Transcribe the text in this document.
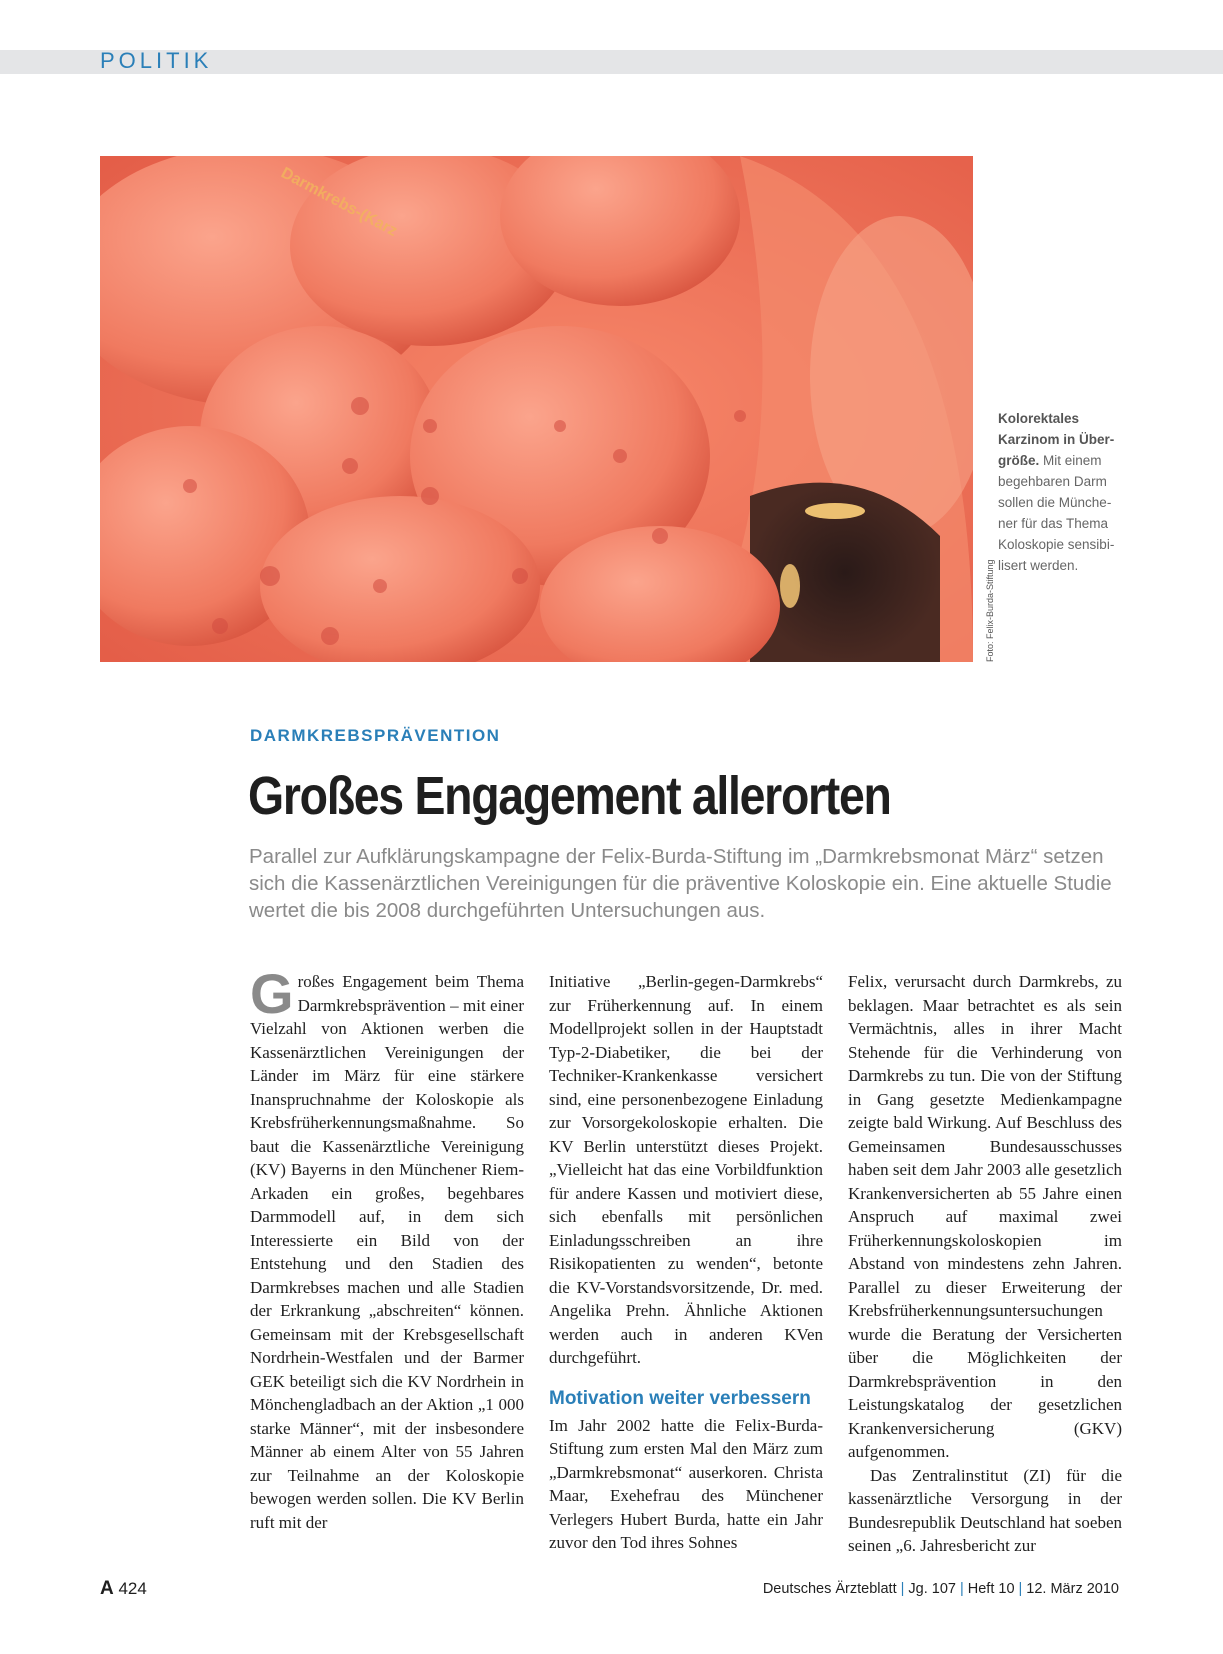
POLITIK
Darmkrebs-(Karz
Foto: Felix-Burda-Stiftung
Kolorektales Karzinom in Über-größe. Mit einem begehbaren Darm sollen die Münche-ner für das Thema Koloskopie sensibi-lisert werden.
DARMKREBSPRÄVENTION
Großes Engagement allerorten
Parallel zur Aufklärungskampagne der Felix-Burda-Stiftung im „Darmkrebsmonat März“ setzen sich die Kassenärztlichen Vereinigungen für die präventive Koloskopie ein. Eine aktuelle Studie wertet die bis 2008 durchgeführten Untersuchungen aus.

Großes Engagement beim Thema Darmkrebsprävention – mit einer Vielzahl von Aktionen werben die Kassenärztlichen Vereinigungen der Länder im März für eine stärkere Inanspruchnahme der Koloskopie als Krebsfrüherkennungsmaßnahme. So baut die Kassenärztliche Vereinigung (KV) Bayerns in den Münchener Riem-Arkaden ein großes, begehbares Darmmodell auf, in dem sich Interessierte ein Bild von der Entstehung und den Stadien des Darmkrebses machen und alle Stadien der Erkrankung „abschreiten“ können. Gemeinsam mit der Krebsgesellschaft Nordrhein-Westfalen und der Barmer GEK beteiligt sich die KV Nordrhein in Mönchengladbach an der Aktion „1 000 starke Männer“, mit der insbesondere Männer ab einem Alter von 55 Jahren zur Teilnahme an der Koloskopie bewogen werden sollen. Die KV Berlin ruft mit der

Initiative „Berlin-gegen-Darmkrebs“ zur Früherkennung auf. In einem Modellprojekt sollen in der Hauptstadt Typ-2-Diabetiker, die bei der Techniker-Krankenkasse versichert sind, eine personenbezogene Einladung zur Vorsorgekoloskopie erhalten. Die KV Berlin unterstützt dieses Projekt. „Vielleicht hat das eine Vorbildfunktion für andere Kassen und motiviert diese, sich ebenfalls mit persönlichen Einladungsschreiben an ihre Risikopatienten zu wenden“, betonte die KV-Vorstandsvorsitzende, Dr. med. Angelika Prehn. Ähnliche Aktionen werden auch in anderen KVen durchgeführt.

Motivation weiter verbessern

Im Jahr 2002 hatte die Felix-Burda-Stiftung zum ersten Mal den März zum „Darmkrebsmonat“ auserkoren. Christa Maar, Exehefrau des Münchener Verlegers Hubert Burda, hatte ein Jahr zuvor den Tod ihres Sohnes

Felix, verursacht durch Darmkrebs, zu beklagen. Maar betrachtet es als sein Vermächtnis, alles in ihrer Macht Stehende für die Verhinderung von Darmkrebs zu tun. Die von der Stiftung in Gang gesetzte Medienkampagne zeigte bald Wirkung. Auf Beschluss des Gemeinsamen Bundesausschusses haben seit dem Jahr 2003 alle gesetzlich Krankenversicherten ab 55 Jahre einen Anspruch auf maximal zwei Früherkennungskoloskopien im Abstand von mindestens zehn Jahren. Parallel zu dieser Erweiterung der Krebsfrüherkennungsuntersuchungen wurde die Beratung der Versicherten über die Möglichkeiten der Darmkrebsprävention in den Leistungskatalog der gesetzlichen Krankenversicherung (GKV) aufgenommen.

Das Zentralinstitut (ZI) für die kassenärztliche Versorgung in der Bundesrepublik Deutschland hat soeben seinen „6. Jahresbericht zur

A 424	Deutsches Ärzteblatt | Jg. 107 | Heft 10 | 12. März 2010
